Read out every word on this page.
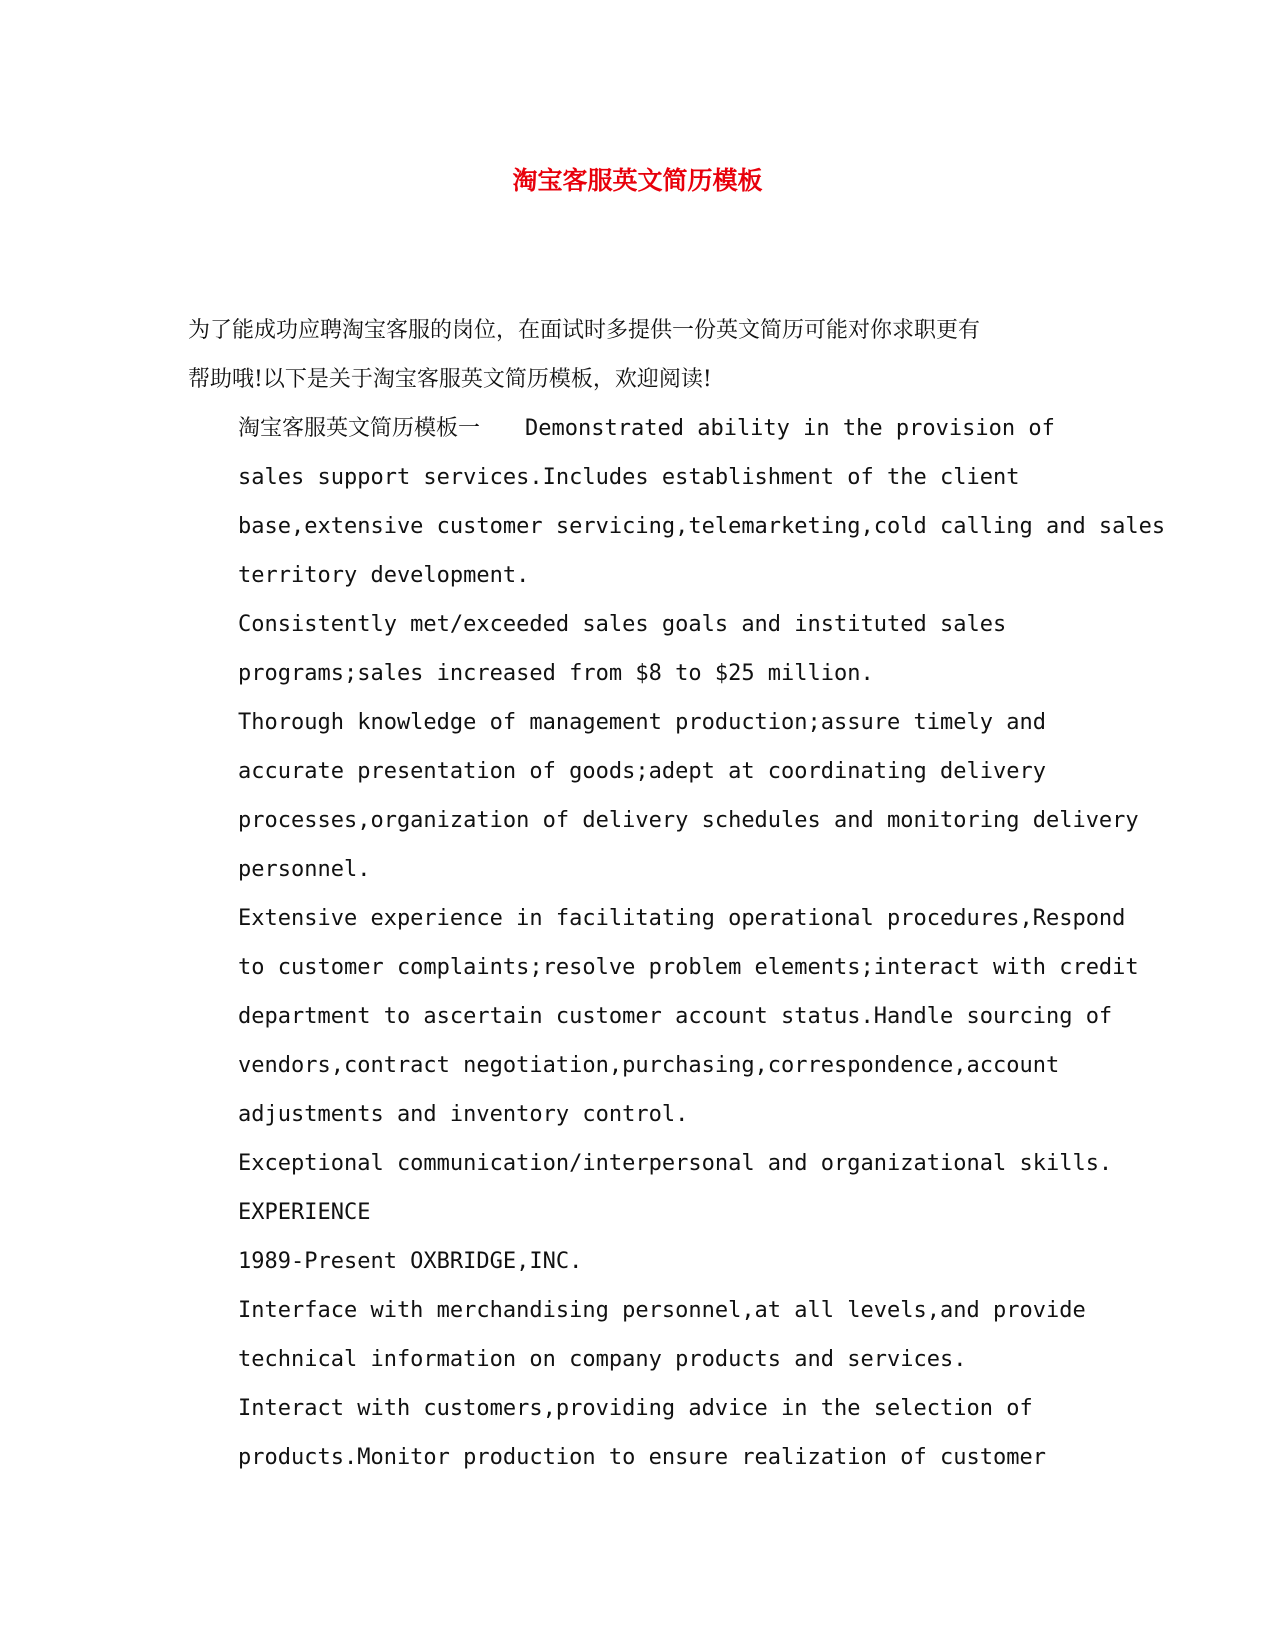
淘宝客服英文简历模板

为了能成功应聘淘宝客服的岗位，在面试时多提供一份英文简历可能对你求职更有
帮助哦!以下是关于淘宝客服英文简历模板，欢迎阅读!

淘宝客服英文简历模板一 Demonstrated ability in the provision of
sales support services.Includes establishment of the client
base,extensive customer servicing,telemarketing,cold calling and sales
territory development.

Consistently met/exceeded sales goals and instituted sales
programs;sales increased from $8 to $25 million.

Thorough knowledge of management production;assure timely and
accurate presentation of goods;adept at coordinating delivery
processes,organization of delivery schedules and monitoring delivery
personnel.

Extensive experience in facilitating operational procedures,Respond
to customer complaints;resolve problem elements;interact with credit
department to ascertain customer account status.Handle sourcing of
vendors,contract negotiation,purchasing,correspondence,account
adjustments and inventory control.

Exceptional communication/interpersonal and organizational skills.

EXPERIENCE

1989-Present OXBRIDGE,INC.

Interface with merchandising personnel,at all levels,and provide
technical information on company products and services.

Interact with customers,providing advice in the selection of
products.Monitor production to ensure realization of customer
